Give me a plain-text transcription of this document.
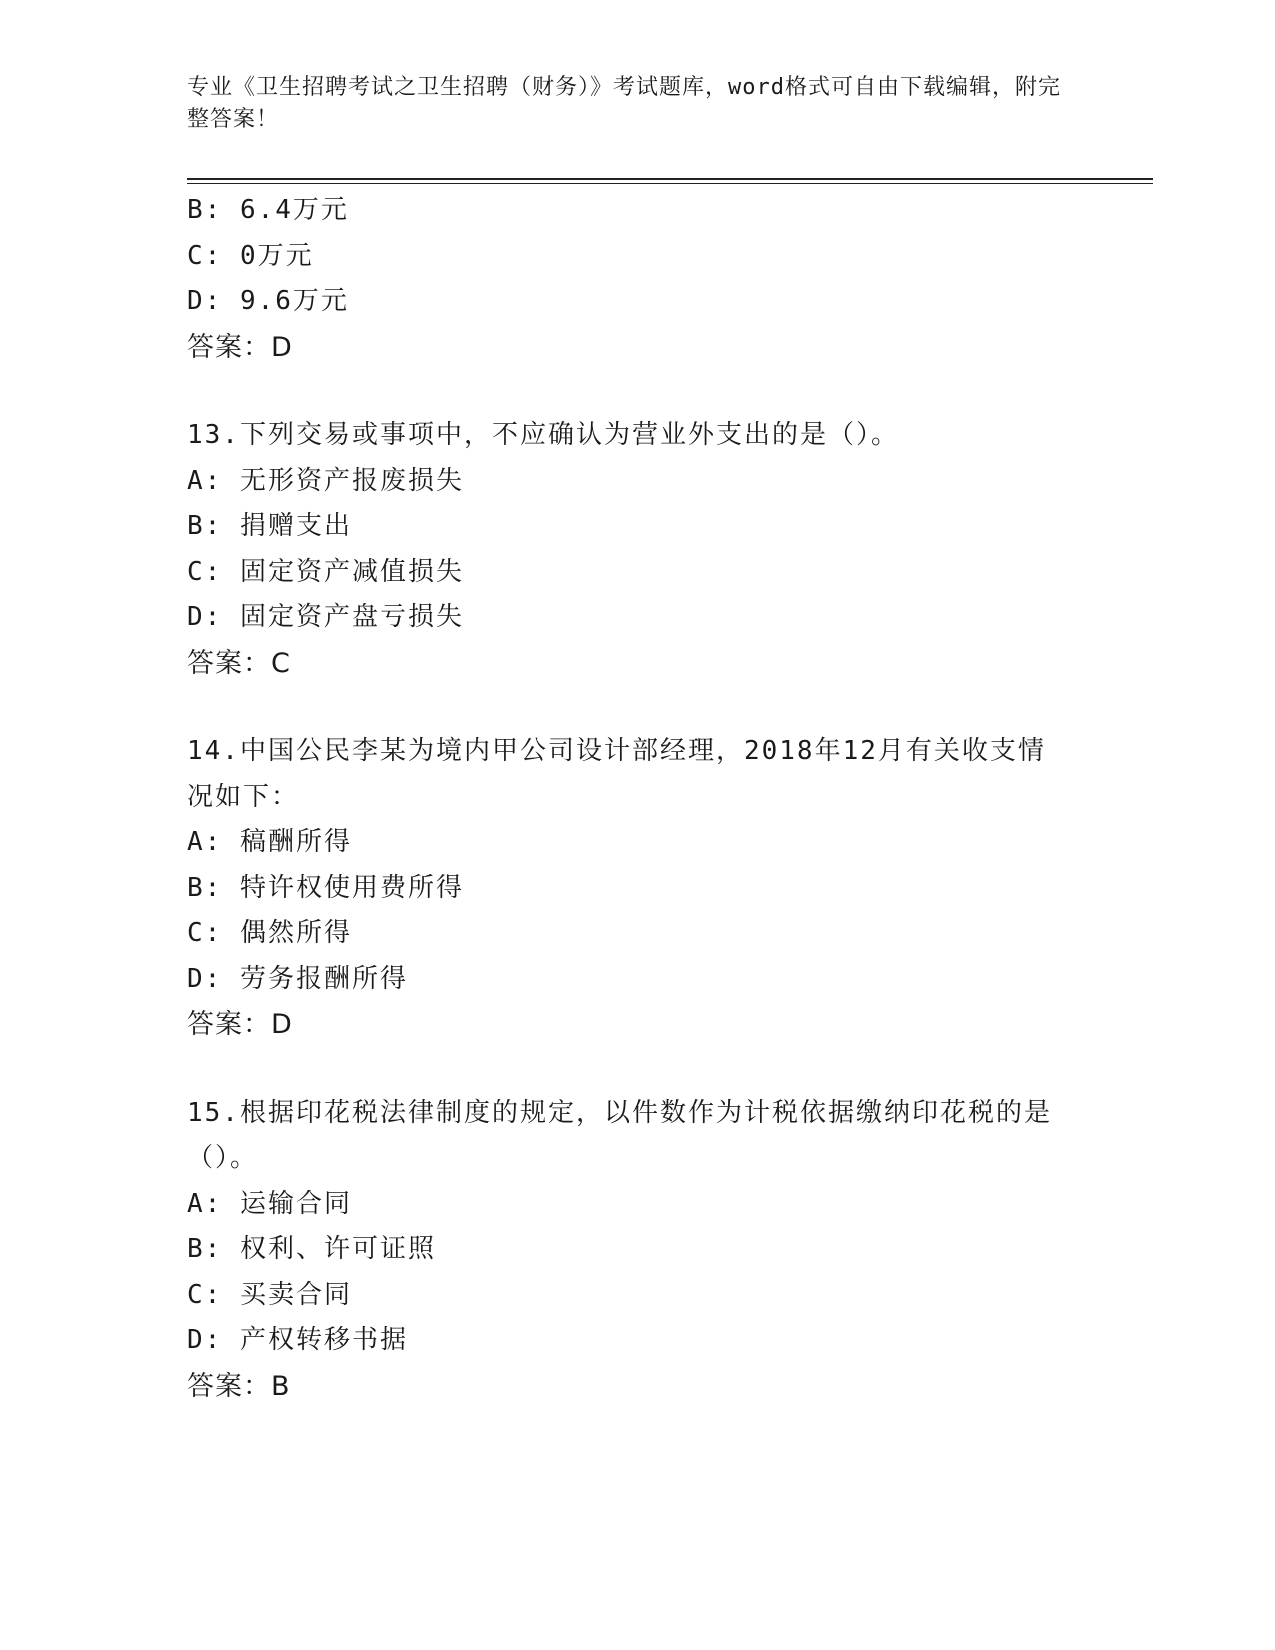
专业《卫生招聘考试之卫生招聘（财务）》考试题库，word格式可自由下载编辑，附完整答案！
B: 6.4万元
C: 0万元
D: 9.6万元
答案：D
13.下列交易或事项中，不应确认为营业外支出的是（）。
A: 无形资产报废损失
B: 捐赠支出
C: 固定资产减值损失
D: 固定资产盘亏损失
答案：C
14.中国公民李某为境内甲公司设计部经理，2018年12月有关收支情况如下：
A: 稿酬所得
B: 特许权使用费所得
C: 偶然所得
D: 劳务报酬所得
答案：D
15.根据印花税法律制度的规定，以件数作为计税依据缴纳印花税的是（）。
A: 运输合同
B: 权利、许可证照
C: 买卖合同
D: 产权转移书据
答案：B
